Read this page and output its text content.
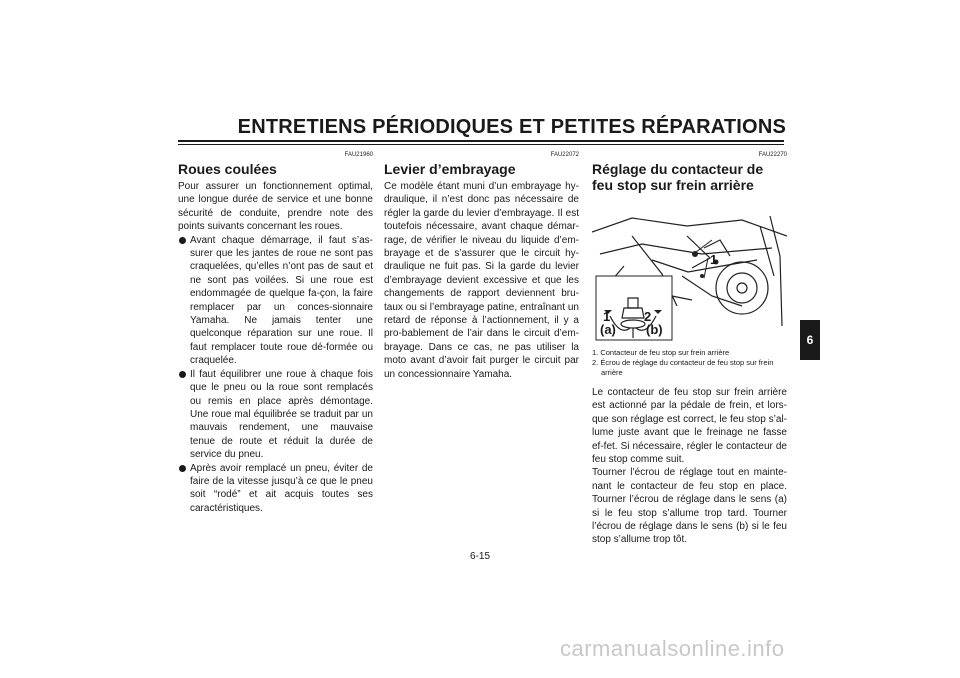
ENTRETIENS PÉRIODIQUES ET PETITES RÉPARATIONS
FAU21960
Roues coulées

Pour assurer un fonctionnement optimal, une longue durée de service et une bonne sécurité de conduite, prendre note des points suivants concernant les roues.

Avant chaque démarrage, il faut s’as-surer que les jantes de roue ne sont pas craquelées, qu’elles n’ont pas de saut et ne sont pas voilées. Si une roue est endommagée de quelque fa-çon, la faire remplacer par un conces-sionnaire Yamaha. Ne jamais tenter une quelconque réparation sur une roue. Il faut remplacer toute roue dé-formée ou craquelée.
Il faut équilibrer une roue à chaque fois que le pneu ou la roue sont remplacés ou remis en place après démontage. Une roue mal équilibrée se traduit par un mauvais rendement, une mauvaise tenue de route et réduit la durée de service du pneu.
Après avoir remplacé un pneu, éviter de faire de la vitesse jusqu’à ce que le pneu soit “rodé” et ait acquis toutes ses caractéristiques.
FAU22072
Levier d’embrayage

Ce modèle étant muni d’un embrayage hy-draulique, il n’est donc pas nécessaire de régler la garde du levier d’embrayage. Il est toutefois nécessaire, avant chaque démar-rage, de vérifier le niveau du liquide d’em-brayage et de s’assurer que le circuit hy-draulique ne fuit pas. Si la garde du levier d’embrayage devient excessive et que les changements de rapport deviennent bru-taux ou si l’embrayage patine, entraînant un retard de réponse à l’actionnement, il y a pro-bablement de l’air dans le circuit d’em-brayage. Dans ce cas, ne pas utiliser la moto avant d’avoir fait purger le circuit par un concessionnaire Yamaha.

FAU22270
Réglage du contacteur de feu stop sur frein arrière
1
1	2
(a) (b)
1. Contacteur de feu stop sur frein arrière
2. Écrou de réglage du contacteur de feu stop sur frein arrière

Le contacteur de feu stop sur frein arrière est actionné par la pédale de frein, et lors-que son réglage est correct, le feu stop s’al-lume juste avant que le freinage ne fasse ef-fet. Si nécessaire, régler le contacteur de feu stop comme suit.

Tourner l’écrou de réglage tout en mainte-nant le contacteur de feu stop en place. Tourner l’écrou de réglage dans le sens (a) si le feu stop s’allume trop tard. Tourner l’écrou de réglage dans le sens (b) si le feu stop s’allume trop tôt.

6
6-15
carmanualsonline.info
